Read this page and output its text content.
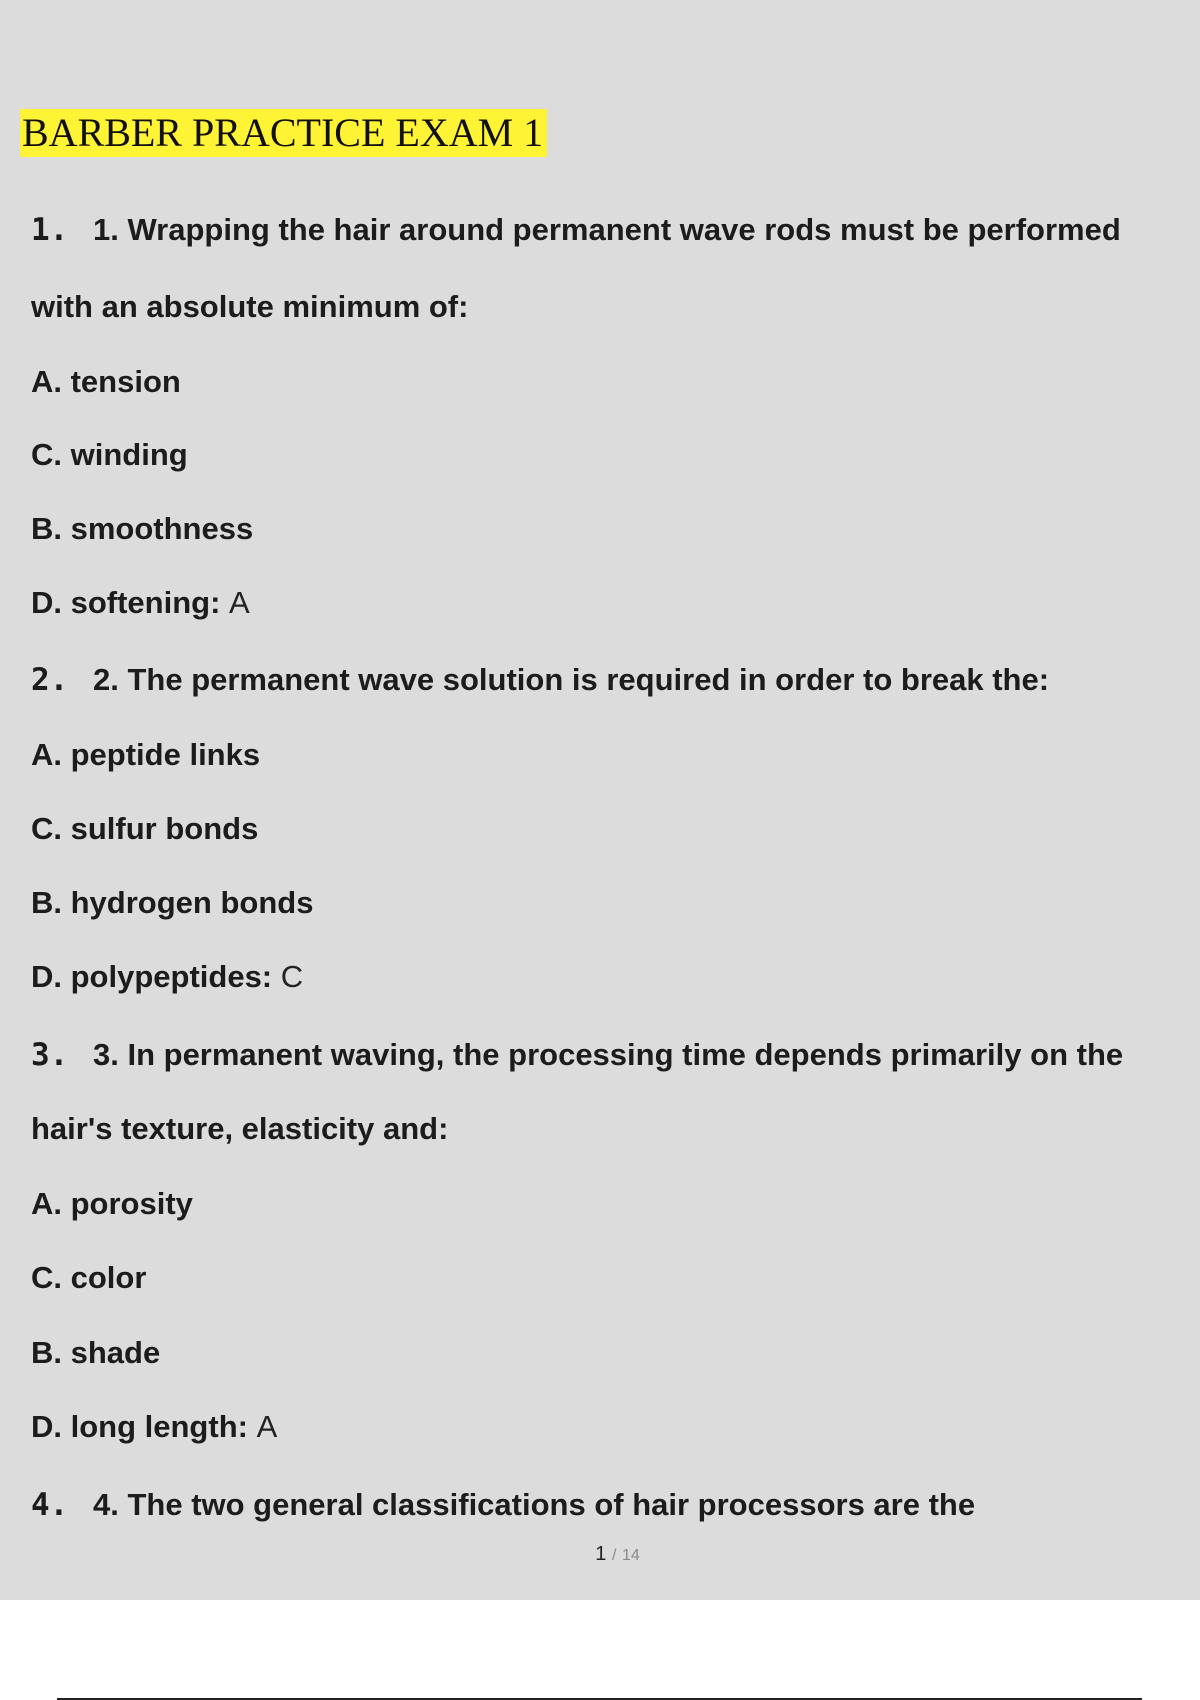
BARBER PRACTICE EXAM 1
1. 1. Wrapping the hair around permanent wave rods must be performed
with an absolute minimum of:
A. tension
C. winding
B. smoothness
D. softening: A
2. 2. The permanent wave solution is required in order to break the:
A. peptide links
C. sulfur bonds
B. hydrogen bonds
D. polypeptides: C
3. 3. In permanent waving, the processing time depends primarily on the
hair's texture, elasticity and:
A. porosity
C. color
B. shade
D. long length: A
4. 4. The two general classifications of hair processors are the
1 / 14
